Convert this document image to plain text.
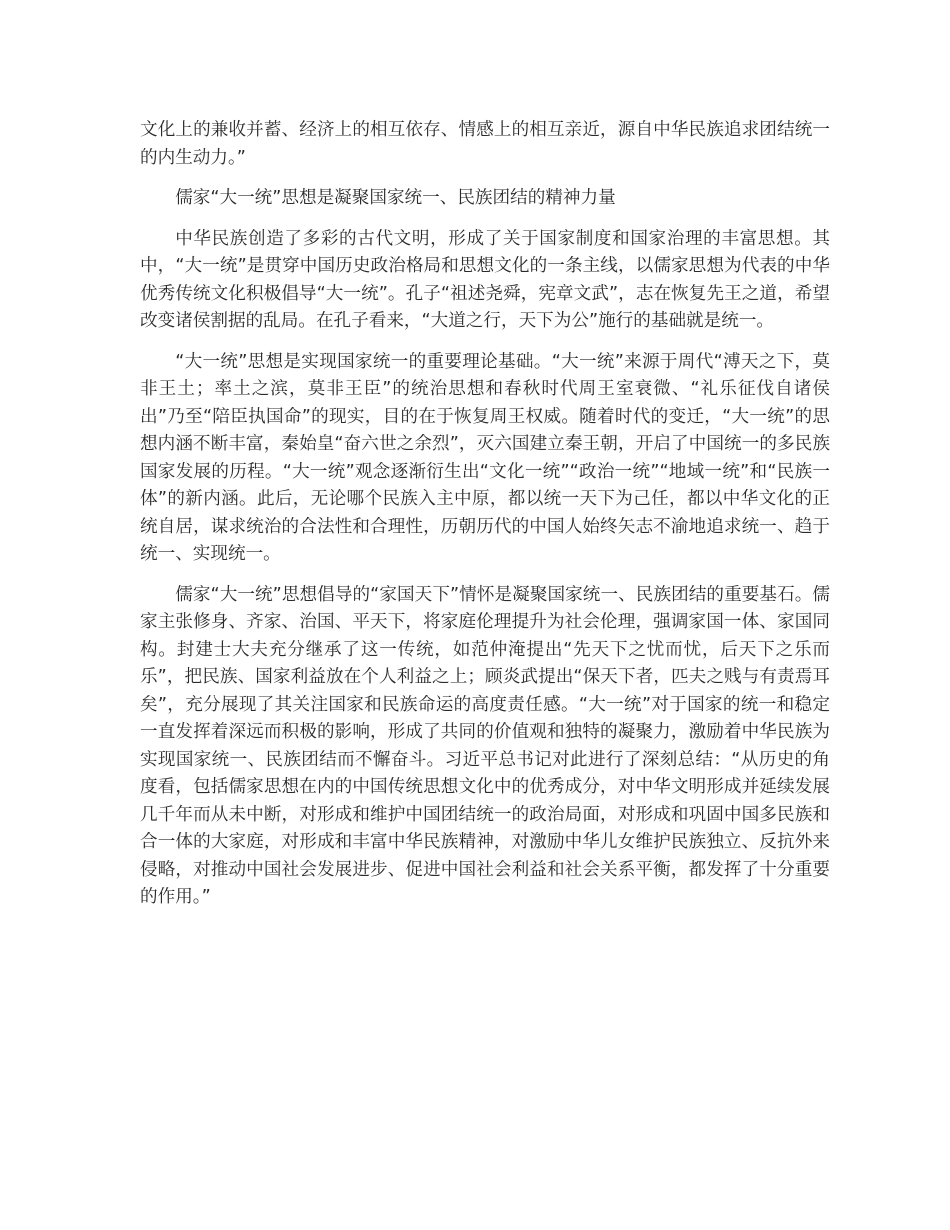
文化上的兼收并蓄、经济上的相互依存、情感上的相互亲近，源自中华民族追求团结统一的内生动力。”

儒家“大一统”思想是凝聚国家统一、民族团结的精神力量

中华民族创造了多彩的古代文明，形成了关于国家制度和国家治理的丰富思想。其中，“大一统”是贯穿中国历史政治格局和思想文化的一条主线，以儒家思想为代表的中华优秀传统文化积极倡导“大一统”。孔子“祖述尧舜，宪章文武”，志在恢复先王之道，希望改变诸侯割据的乱局。在孔子看来，“大道之行，天下为公”施行的基础就是统一。

“大一统”思想是实现国家统一的重要理论基础。“大一统”来源于周代“溥天之下，莫非王土；率土之滨，莫非王臣”的统治思想和春秋时代周王室衰微、“礼乐征伐自诸侯出”乃至“陪臣执国命”的现实，目的在于恢复周王权威。随着时代的变迁，“大一统”的思想内涵不断丰富，秦始皇“奋六世之余烈”，灭六国建立秦王朝，开启了中国统一的多民族国家发展的历程。“大一统”观念逐渐衍生出“文化一统”“政治一统”“地域一统”和“民族一体”的新内涵。此后，无论哪个民族入主中原，都以统一天下为己任，都以中华文化的正统自居，谋求统治的合法性和合理性，历朝历代的中国人始终矢志不渝地追求统一、趋于统一、实现统一。

儒家“大一统”思想倡导的“家国天下”情怀是凝聚国家统一、民族团结的重要基石。儒家主张修身、齐家、治国、平天下，将家庭伦理提升为社会伦理，强调家国一体、家国同构。封建士大夫充分继承了这一传统，如范仲淹提出“先天下之忧而忧，后天下之乐而乐”，把民族、国家利益放在个人利益之上；顾炎武提出“保天下者，匹夫之贱与有责焉耳矣”，充分展现了其关注国家和民族命运的高度责任感。“大一统”对于国家的统一和稳定一直发挥着深远而积极的影响，形成了共同的价值观和独特的凝聚力，激励着中华民族为实现国家统一、民族团结而不懈奋斗。习近平总书记对此进行了深刻总结：“从历史的角度看，包括儒家思想在内的中国传统思想文化中的优秀成分，对中华文明形成并延续发展几千年而从未中断，对形成和维护中国团结统一的政治局面，对形成和巩固中国多民族和合一体的大家庭，对形成和丰富中华民族精神，对激励中华儿女维护民族独立、反抗外来侵略，对推动中国社会发展进步、促进中国社会利益和社会关系平衡，都发挥了十分重要的作用。”
